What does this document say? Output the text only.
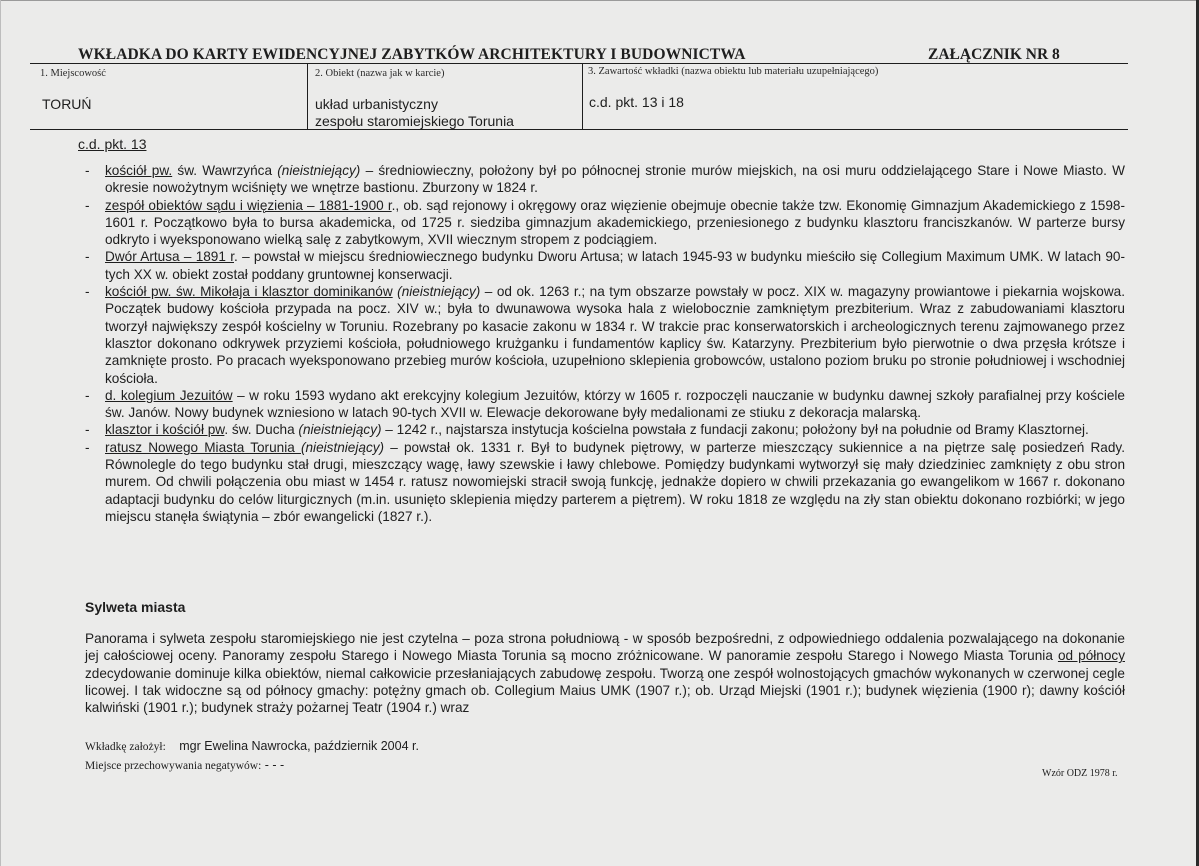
WKŁADKA DO KARTY EWIDENCYJNEJ ZABYTKÓW ARCHITEKTURY I BUDOWNICTWA	ZAŁĄCZNIK NR 8
1. Miejscowość
TORUŃ
2. Obiekt (nazwa jak w karcie)
układ urbanistyczny
zespołu staromiejskiego Torunia
3. Zawartość wkładki (nazwa obiektu lub materiału uzupełniającego)
c.d. pkt. 13 i 18
c.d. pkt. 13
- kościół pw. św. Wawrzyńca (nieistniejący) – średniowieczny, położony był po północnej stronie murów miejskich, na osi muru oddzielającego Stare i Nowe Miasto. W okresie nowożytnym wciśnięty we wnętrze bastionu. Zburzony w 1824 r.
- zespół obiektów sądu i więzienia – 1881-1900 r., ob. sąd rejonowy i okręgowy oraz więzienie obejmuje obecnie także tzw. Ekonomię Gimnazjum Akademickiego z 1598-1601 r. Początkowo była to bursa akademicka, od 1725 r. siedziba gimnazjum akademickiego, przeniesionego z budynku klasztoru franciszkanów. W parterze bursy odkryto i wyeksponowano wielką salę z zabytkowym, XVII wiecznym stropem z podciągiem.
- Dwór Artusa – 1891 r. – powstał w miejscu średniowiecznego budynku Dworu Artusa; w latach 1945-93 w budynku mieściło się Collegium Maximum UMK. W latach 90-tych XX w. obiekt został poddany gruntownej konserwacji.
- kościół pw. św. Mikołaja i klasztor dominikanów (nieistniejący) – od ok. 1263 r.; na tym obszarze powstały w pocz. XIX w. magazyny prowiantowe i piekarnia wojskowa. Początek budowy kościoła przypada na pocz. XIV w.; była to dwunawowa wysoka hala z wielobocznie zamkniętym prezbiterium. Wraz z zabudowaniami klasztoru tworzył największy zespół kościelny w Toruniu. Rozebrany po kasacie zakonu w 1834 r. W trakcie prac konserwatorskich i archeologicznych terenu zajmowanego przez klasztor dokonano odkrywek przyziemi kościoła, południowego krużganku i fundamentów kaplicy św. Katarzyny. Prezbiterium było pierwotnie o dwa przęsła krótsze i zamknięte prosto. Po pracach wyeksponowano przebieg murów kościoła, uzupełniono sklepienia grobowców, ustalono poziom bruku po stronie południowej i wschodniej kościoła.
- d. kolegium Jezuitów – w roku 1593 wydano akt erekcyjny kolegium Jezuitów, którzy w 1605 r. rozpoczęli nauczanie w budynku dawnej szkoły parafialnej przy kościele św. Janów. Nowy budynek wzniesiono w latach 90-tych XVII w. Elewacje dekorowane były medalionami ze stiuku z dekoracja malarską.
- klasztor i kościół pw. św. Ducha (nieistniejący) – 1242 r., najstarsza instytucja kościelna powstała z fundacji zakonu; położony był na południe od Bramy Klasztornej.
- ratusz Nowego Miasta Torunia (nieistniejący) – powstał ok. 1331 r. Był to budynek piętrowy, w parterze mieszczący sukiennice a na piętrze salę posiedzeń Rady. Równolegle do tego budynku stał drugi, mieszczący wagę, ławy szewskie i ławy chlebowe. Pomiędzy budynkami wytworzył się mały dziedziniec zamknięty z obu stron murem. Od chwili połączenia obu miast w 1454 r. ratusz nowomiejski stracił swoją funkcję, jednakże dopiero w chwili przekazania go ewangelikom w 1667 r. dokonano adaptacji budynku do celów liturgicznych (m.in. usunięto sklepienia między parterem a piętrem). W roku 1818 ze względu na zły stan obiektu dokonano rozbiórki; w jego miejscu stanęła świątynia – zbór ewangelicki (1827 r.).
Sylweta miasta

Panorama i sylweta zespołu staromiejskiego nie jest czytelna – poza strona południową - w sposób bezpośredni, z odpowiedniego oddalenia pozwalającego na dokonanie jej całościowej oceny. Panoramy zespołu Starego i Nowego Miasta Torunia są mocno zróżnicowane. W panoramie zespołu Starego i Nowego Miasta Torunia od północy zdecydowanie dominuje kilka obiektów, niemal całkowicie przesłaniających zabudowę zespołu. Tworzą one zespół wolnostojących gmachów wykonanych w czerwonej cegle licowej. I tak widoczne są od północy gmachy: potężny gmach ob. Collegium Maius UMK (1907 r.); ob. Urząd Miejski (1901 r.); budynek więzienia (1900 r); dawny kościół kalwiński (1901 r.); budynek straży pożarnej Teatr (1904 r.) wraz

Wkładkę założył: mgr Ewelina Nawrocka, październik 2004 r.
Miejsce przechowywania negatywów: - - -
Wzór ODZ 1978 r.
